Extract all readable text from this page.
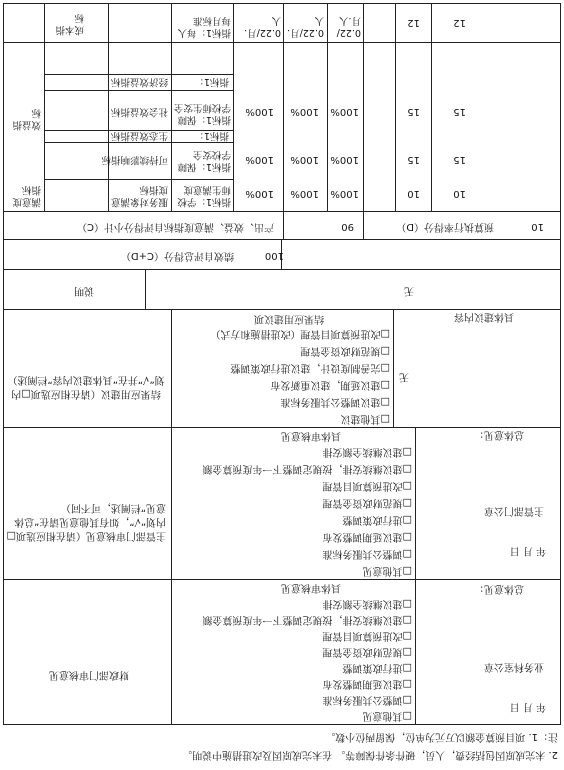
2. 未完成原因包括经费，人员，硬件条件保障等。 在未完成原因及改进措施中说明。
注：1. 项目预算金额以万元为单位，保留两位小数。
□其他意见
□调整公共服务标准
□建议延期调整发布
□进行政策调整
□规范财政资金管理
□改进预算项目管理
□建议继续安排，按规定调整下一年度预算金额
□建议继续全额安排
具体审核意见
年 月 日
业务科室公章
总体意见：
财政部门审核意见
□其他意见
□调整公共服务标准
□建议延期调整发布
□进行政策调整
□规范财政资金管理
□改进预算项目管理
□建议继续安排，按规定调整下一年度预算金额
□建议继续全额安排
具体审核意见
年 月 日
主管部门公章
总体意见：
主管部门审核意见（请在相应选项□内划“√”，如有其他意见请在“总体意见”栏阐述，可不同）
□其他建议
□建议调整公共服务标准
□建议延期，建议重新发布
□完善制度设计，建议进行政策调整
□规范财政资金管理
□改进预算项目管理（改进措施和方式）
结果应用建议项	具体建议内容
无
结果应用建议（请在相应选项□内划“√”并在“具体建议内容”栏阐述）
无
说明
100
绩效自评总得分（C+D）
10
预算执行率得分（D）
90
产出、效益、满意度指标自评得分小计（C）
10
10
100%
100%
100%
指标1：学校师生满意度
服务对象满意度指标
满意度指标
15
15
100%
100%
100%
指标1：保障学校安全
可持续影响指标
指标1：
生态效益指标
15
15
100%
100%
100%
指标1：保障学校师生安全
社会效益指标
指标1：
经济效益指标
效益指标
12
12
0.22/月.人
0.22/月.人
0.22/月.人
指标1：每人每月标准
成本指标
